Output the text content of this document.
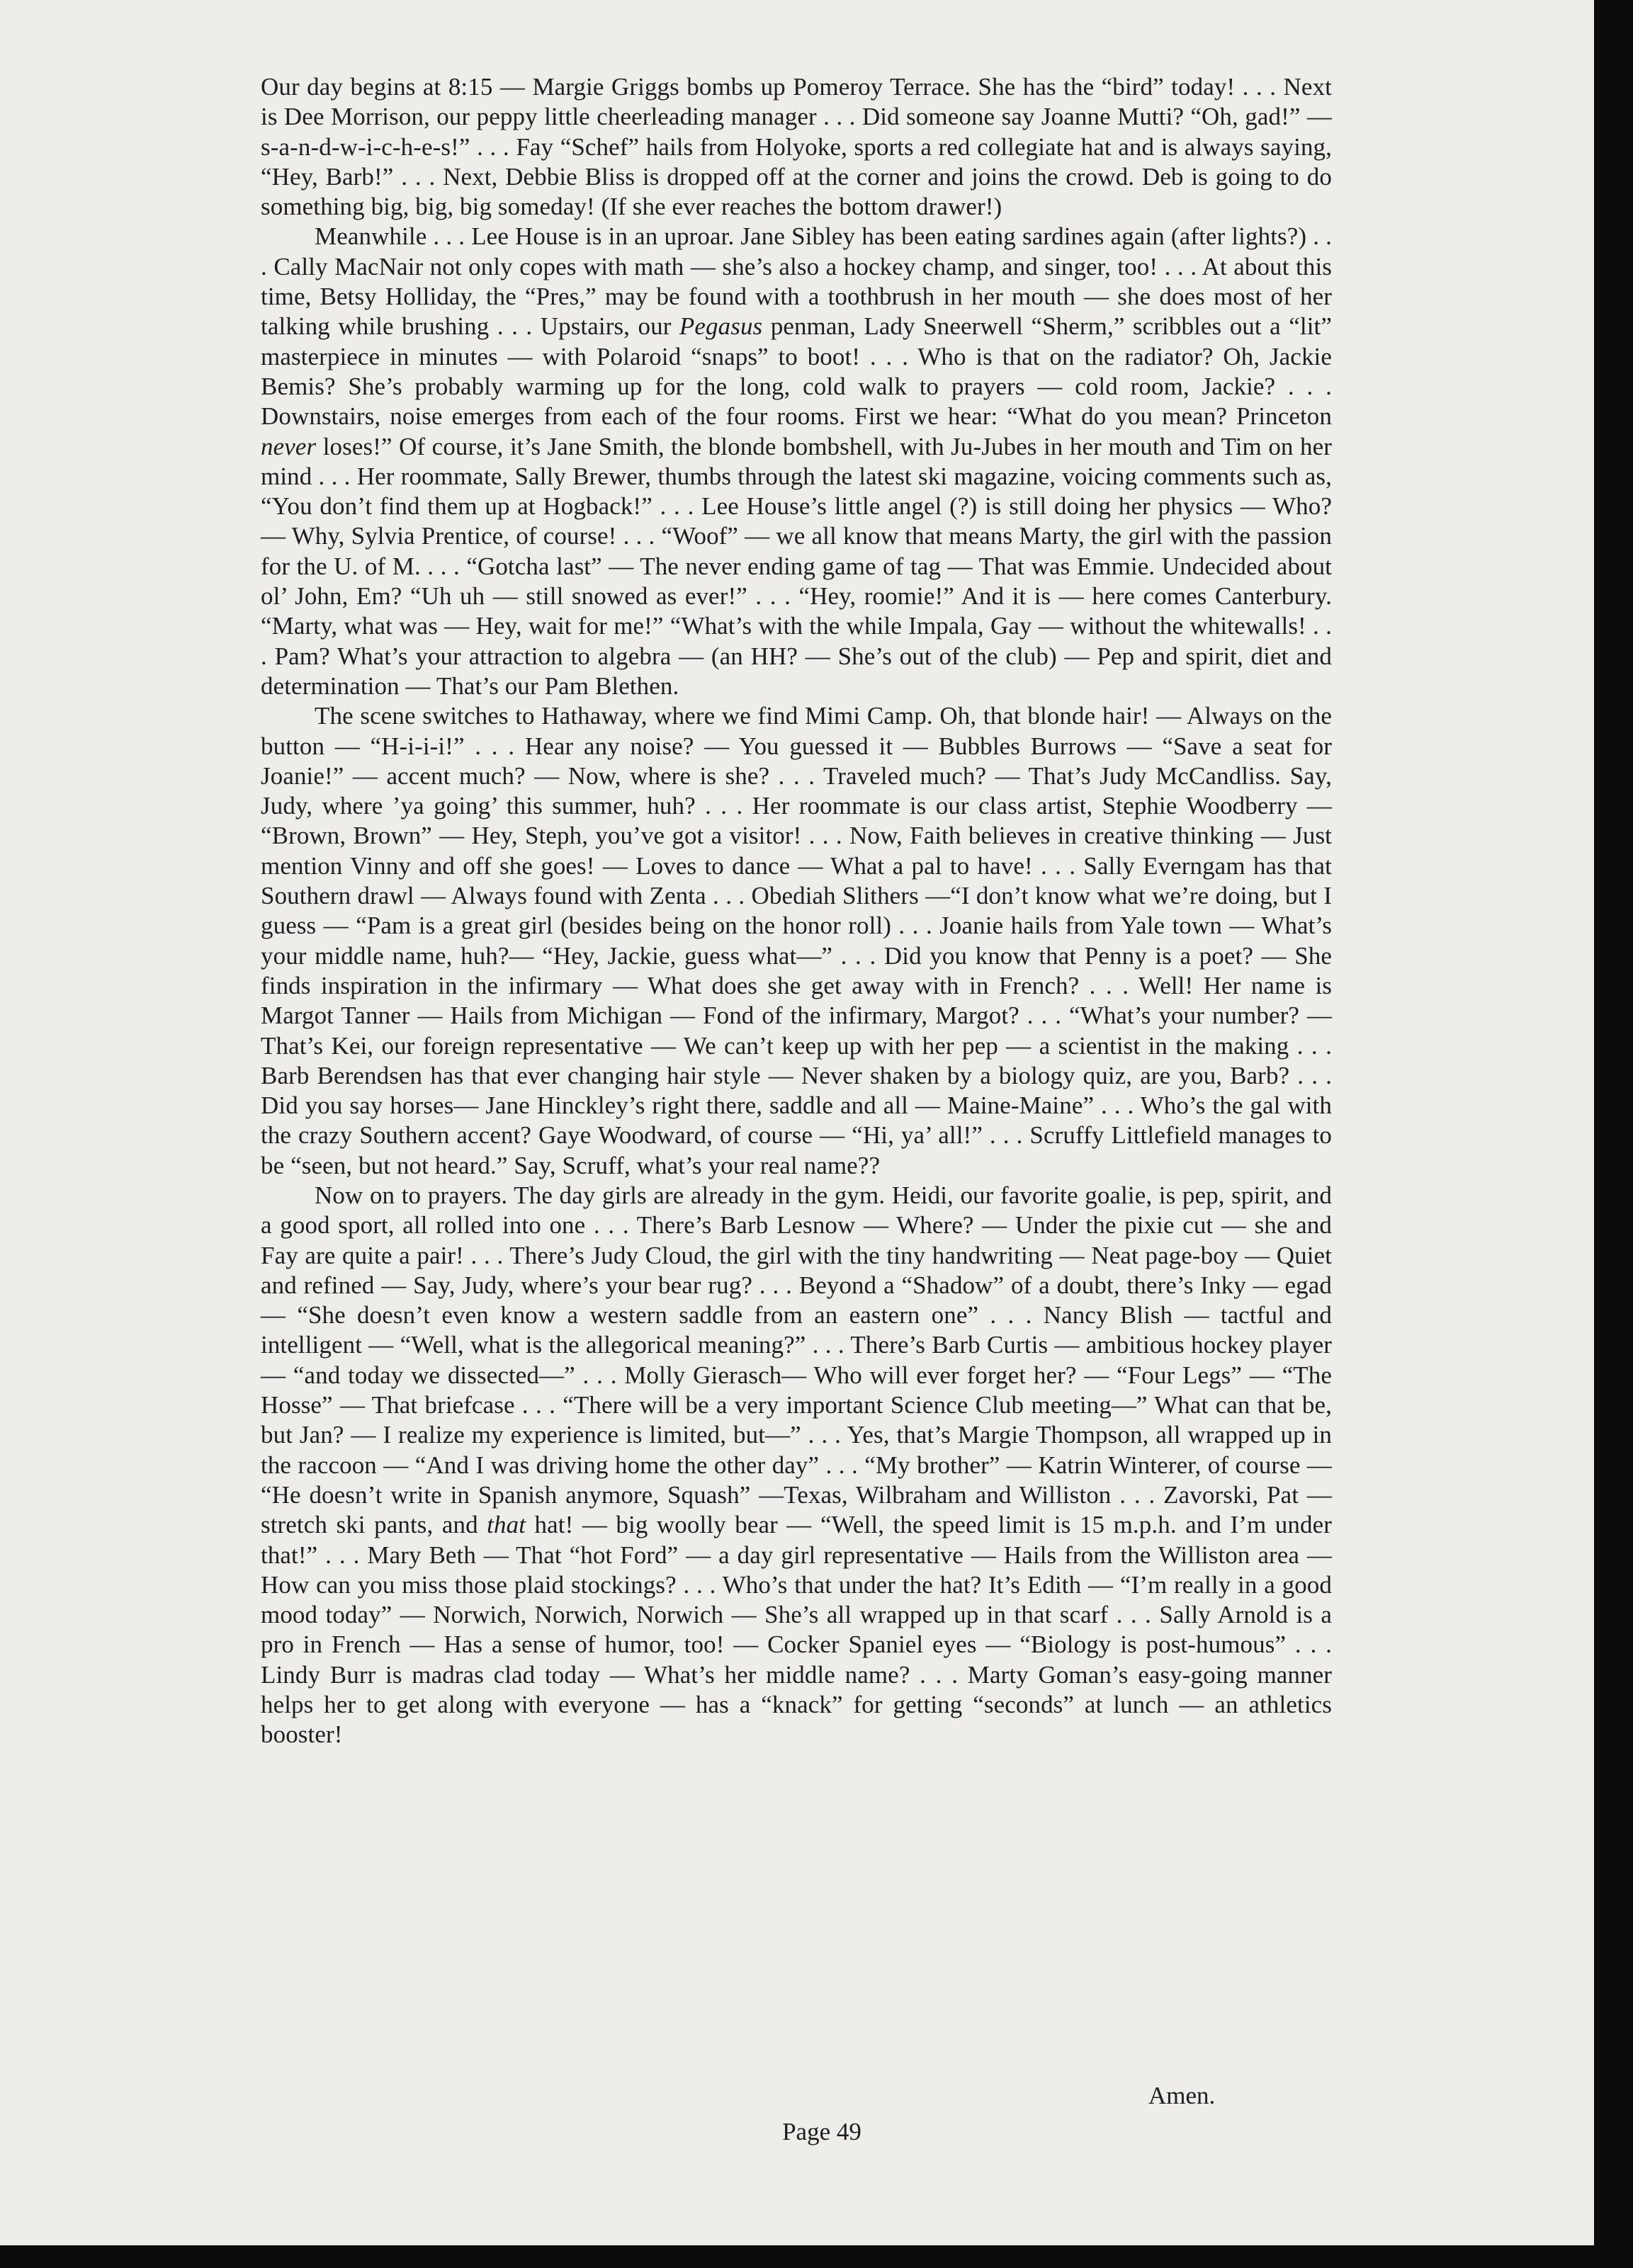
Our day begins at 8:15 — Margie Griggs bombs up Pomeroy Terrace. She has the “bird” today! . . . Next is Dee Morrison, our peppy little cheerleading manager . . . Did someone say Joanne Mutti? “Oh, gad!” — s-a-n-d-w-i-c-h-e-s!” . . . Fay “Schef” hails from Holyoke, sports a red collegiate hat and is always saying, “Hey, Barb!” . . . Next, Debbie Bliss is dropped off at the corner and joins the crowd. Deb is going to do something big, big, big someday! (If she ever reaches the bottom drawer!)

Meanwhile . . . Lee House is in an uproar. Jane Sibley has been eating sardines again (after lights?) . . . Cally MacNair not only copes with math — she’s also a hockey champ, and singer, too! . . . At about this time, Betsy Holliday, the “Pres,” may be found with a toothbrush in her mouth — she does most of her talking while brushing . . . Upstairs, our Pegasus penman, Lady Sneerwell “Sherm,” scribbles out a “lit” masterpiece in minutes — with Polaroid “snaps” to boot! . . . Who is that on the radiator? Oh, Jackie Bemis? She’s probably warming up for the long, cold walk to prayers — cold room, Jackie? . . . Downstairs, noise emerges from each of the four rooms. First we hear: “What do you mean? Princeton never loses!” Of course, it’s Jane Smith, the blonde bombshell, with Ju-Jubes in her mouth and Tim on her mind . . . Her roommate, Sally Brewer, thumbs through the latest ski magazine, voicing comments such as, “You don’t find them up at Hogback!” . . . Lee House’s little angel (?) is still doing her physics — Who? — Why, Sylvia Prentice, of course! . . . “Woof” — we all know that means Marty, the girl with the passion for the U. of M. . . . “Gotcha last” — The never ending game of tag — That was Emmie. Undecided about ol’ John, Em? “Uh uh — still snowed as ever!” . . . “Hey, roomie!” And it is — here comes Canterbury. “Marty, what was — Hey, wait for me!” “What’s with the while Impala, Gay — without the whitewalls! . . . Pam? What’s your attraction to algebra — (an HH? — She’s out of the club) — Pep and spirit, diet and determination — That’s our Pam Blethen.

The scene switches to Hathaway, where we find Mimi Camp. Oh, that blonde hair! — Always on the button — “H-i-i-i!” . . . Hear any noise? — You guessed it — Bubbles Burrows — “Save a seat for Joanie!” — accent much? — Now, where is she? . . . Traveled much? — That’s Judy McCandliss. Say, Judy, where ’ya going’ this summer, huh? . . . Her roommate is our class artist, Stephie Woodberry — “Brown, Brown” — Hey, Steph, you’ve got a visitor! . . . Now, Faith believes in creative thinking — Just mention Vinny and off she goes! — Loves to dance — What a pal to have! . . . Sally Everngam has that Southern drawl — Always found with Zenta . . . Obediah Slithers —“I don’t know what we’re doing, but I guess — “Pam is a great girl (besides being on the honor roll) . . . Joanie hails from Yale town — What’s your middle name, huh?— “Hey, Jackie, guess what—” . . . Did you know that Penny is a poet? — She finds inspiration in the infirmary — What does she get away with in French? . . . Well! Her name is Margot Tanner — Hails from Michigan — Fond of the infirmary, Margot? . . . “What’s your number? — That’s Kei, our foreign representative — We can’t keep up with her pep — a scientist in the making . . . Barb Berendsen has that ever changing hair style — Never shaken by a biology quiz, are you, Barb? . . . Did you say horses— Jane Hinckley’s right there, saddle and all — Maine-Maine” . . . Who’s the gal with the crazy Southern accent? Gaye Woodward, of course — “Hi, ya’ all!” . . . Scruffy Littlefield manages to be “seen, but not heard.” Say, Scruff, what’s your real name??

Now on to prayers. The day girls are already in the gym. Heidi, our favorite goalie, is pep, spirit, and a good sport, all rolled into one . . . There’s Barb Lesnow — Where? — Under the pixie cut — she and Fay are quite a pair! . . . There’s Judy Cloud, the girl with the tiny handwriting — Neat page-boy — Quiet and refined — Say, Judy, where’s your bear rug? . . . Beyond a “Shadow” of a doubt, there’s Inky — egad — “She doesn’t even know a western saddle from an eastern one” . . . Nancy Blish — tactful and intelligent — “Well, what is the allegorical meaning?” . . . There’s Barb Curtis — ambitious hockey player — “and today we dissected—” . . . Molly Gierasch— Who will ever forget her? — “Four Legs” — “The Hosse” — That briefcase . . . “There will be a very important Science Club meeting—” What can that be, but Jan? — I realize my experience is limited, but—” . . . Yes, that’s Margie Thompson, all wrapped up in the raccoon — “And I was driving home the other day” . . . “My brother” — Katrin Winterer, of course — “He doesn’t write in Spanish anymore, Squash” —Texas, Wilbraham and Williston . . . Zavorski, Pat — stretch ski pants, and that hat! — big woolly bear — “Well, the speed limit is 15 m.p.h. and I’m under that!” . . . Mary Beth — That “hot Ford” — a day girl representative — Hails from the Williston area — How can you miss those plaid stockings? . . . Who’s that under the hat? It’s Edith — “I’m really in a good mood today” — Norwich, Norwich, Norwich — She’s all wrapped up in that scarf . . . Sally Arnold is a pro in French — Has a sense of humor, too! — Cocker Spaniel eyes — “Biology is post-humous” . . . Lindy Burr is madras clad today — What’s her middle name? . . . Marty Goman’s easy-going manner helps her to get along with everyone — has a “knack” for getting “seconds” at lunch — an athletics booster!

Amen.
Page 49
